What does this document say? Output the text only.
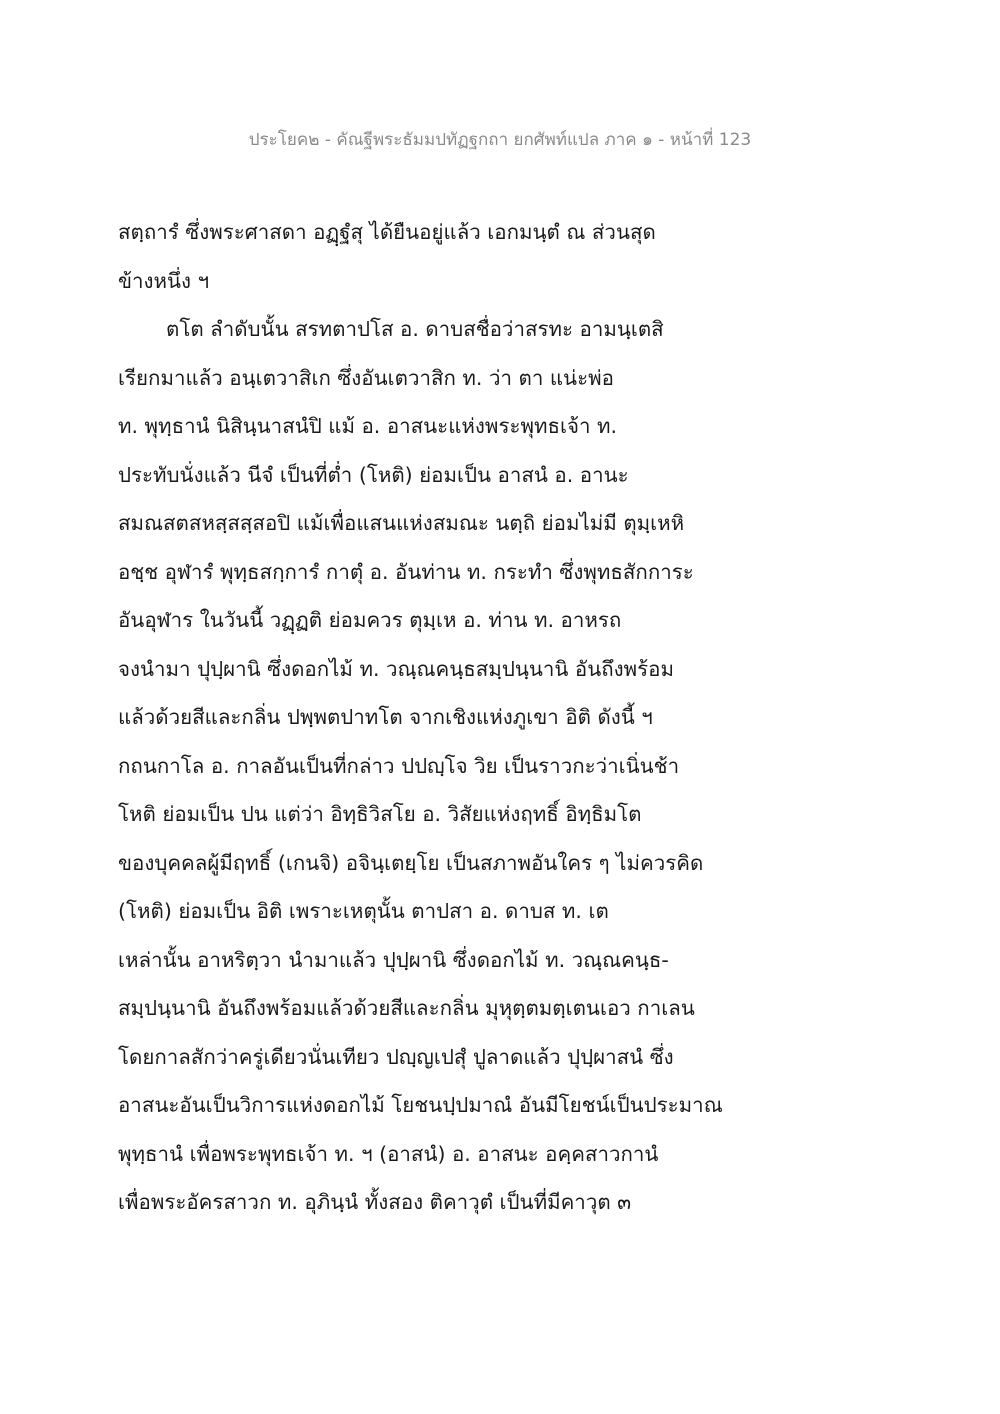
ประโยค๒ - คัณฐีพระธัมมปทัฏฐกถา ยกศัพท์แปล ภาค ๑ - หน้าที่ 123
สตฺถารํ ซึ่งพระศาสดา อฏฺฐํสุ ได้ยืนอยู่แล้ว เอกมนฺตํ ณ ส่วนสุด
ข้างหนึ่ง ฯ
ตโต ลำดับนั้น สรทตาปโส อ. ดาบสชื่อว่าสรทะ อามนฺเตสิ
เรียกมาแล้ว อนฺเตวาสิเก ซึ่งอันเตวาสิก ท. ว่า ตา แน่ะพ่อ
ท. พุทฺธานํ นิสินฺนาสนํปิ แม้ อ. อาสนะแห่งพระพุทธเจ้า ท.
ประทับนั่งแล้ว นีจํ เป็นที่ต่ำ (โหติ) ย่อมเป็น อาสนํ อ. อานะ
สมณสตสหสฺสสฺสอปิ แม้เพื่อแสนแห่งสมณะ นตฺถิ ย่อมไม่มี ตุมฺเหหิ
อชฺช อุฬารํ พุทฺธสกฺการํ กาตุํ อ. อันท่าน ท. กระทำ ซึ่งพุทธสักการะ
อันอุฬาร ในวันนี้ วฏฺฏติ ย่อมควร ตุมฺเห อ. ท่าน ท. อาหรถ
จงนำมา ปุปฺผานิ ซึ่งดอกไม้ ท. วณฺณคนฺธสมฺปนฺนานิ อันถึงพร้อม
แล้วด้วยสีและกลิ่น ปพฺพตปาทโต จากเชิงแห่งภูเขา อิติ ดังนี้ ฯ
กถนกาโล อ. กาลอันเป็นที่กล่าว ปปญฺโจ วิย เป็นราวกะว่าเนิ่นช้า
โหติ ย่อมเป็น ปน แต่ว่า อิทฺธิวิสโย อ. วิสัยแห่งฤทธิ์ อิทฺธิมโต
ของบุคคลผู้มีฤทธิ์ (เกนจิ) อจินฺเตยฺโย เป็นสภาพอันใคร ๆ ไม่ควรคิด
(โหติ) ย่อมเป็น อิติ เพราะเหตุนั้น ตาปสา อ. ดาบส ท. เต
เหล่านั้น อาหริตฺวา นำมาแล้ว ปุปฺผานิ ซึ่งดอกไม้ ท. วณฺณคนฺธ-
สมฺปนฺนานิ อันถึงพร้อมแล้วด้วยสีและกลิ่น มุหุตฺตมตฺเตนเอว กาเลน
โดยกาลสักว่าครู่เดียวนั่นเทียว ปญฺญเปสุํ ปูลาดแล้ว ปุปฺผาสนํ ซึ่ง
อาสนะอันเป็นวิการแห่งดอกไม้ โยชนปฺปมาณํ อันมีโยชน์เป็นประมาณ
พุทฺธานํ เพื่อพระพุทธเจ้า ท. ฯ (อาสนํ) อ. อาสนะ อคฺคสาวกานํ
เพื่อพระอัครสาวก ท. อุภินฺนํ ทั้งสอง ติคาวุตํ เป็นที่มีคาวุต ๓
